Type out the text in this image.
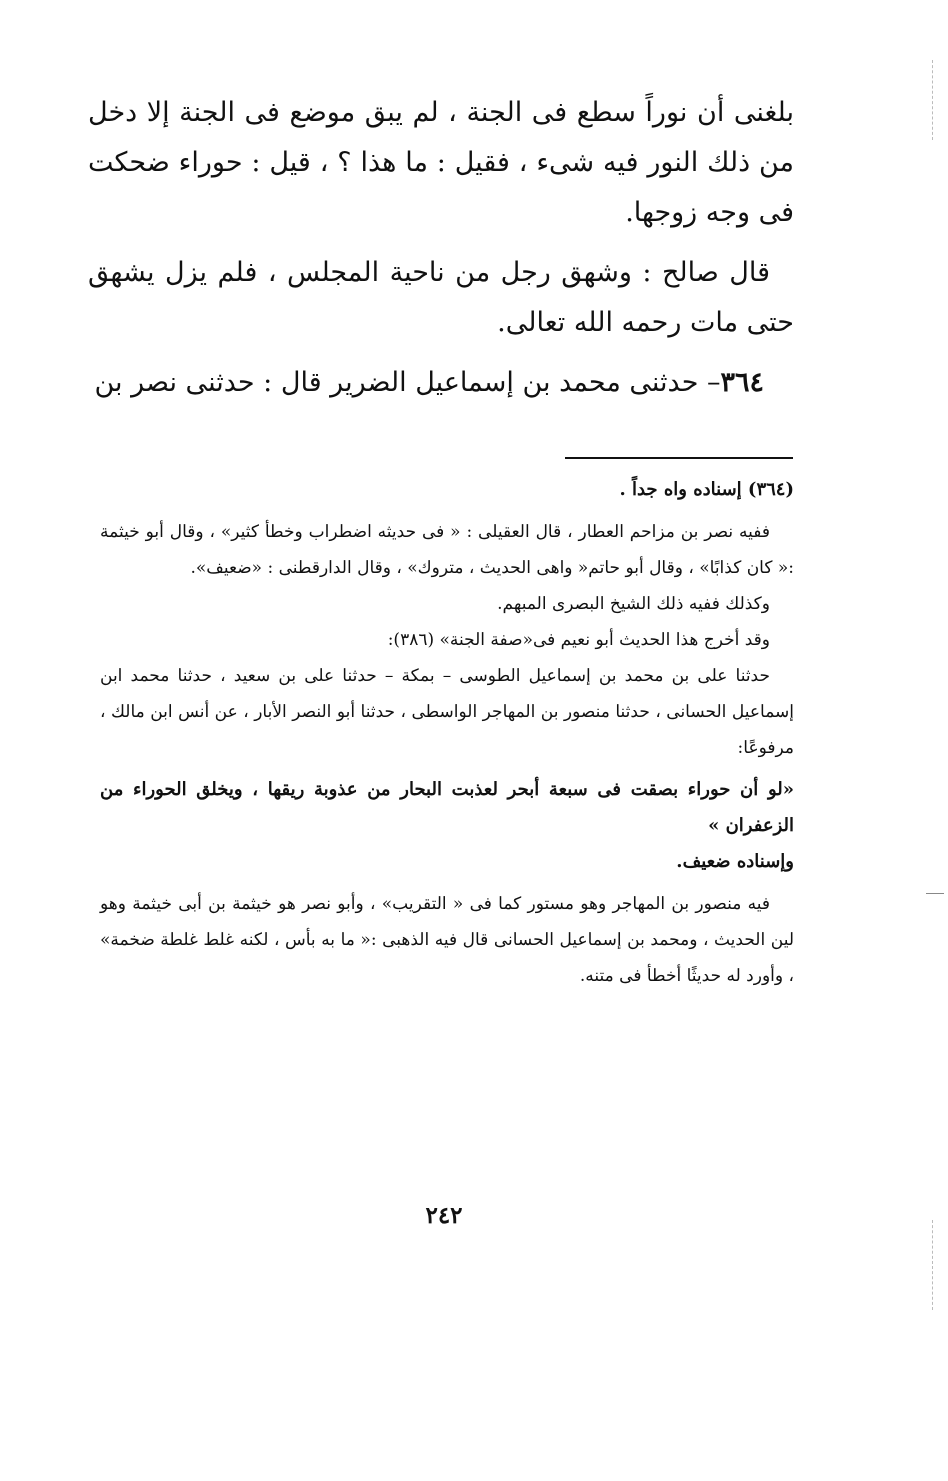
بلغنى أن نوراً سطع فى الجنة ، لم يبق موضع فى الجنة إلا دخل من ذلك النور فيه شىء ، فقيل : ما هذا ؟ ، قيل : حوراء ضحكت فى وجه زوجها.

قال صالح : وشهق رجل من ناحية المجلس ، فلم يزل يشهق حتى مات رحمه الله تعالى.

٣٦٤– حدثنى محمد بن إسماعيل الضرير قال : حدثنى نصر بن

(٣٦٤) إسناده واه جداً .

ففيه نصر بن مزاحم العطار ، قال العقيلى : « فى حديثه اضطراب وخطأ كثير» ، وقال أبو خيثمة :« كان كذابًا» ، وقال أبو حاتم« واهى الحديث ، متروك» ، وقال الدارقطنى : «ضعيف».

وكذلك ففيه ذلك الشيخ البصرى المبهم.

وقد أخرج هذا الحديث أبو نعيم فى«صفة الجنة» (٣٨٦):

حدثنا على بن محمد بن إسماعيل الطوسى – بمكة – حدثنا على بن سعيد ، حدثنا محمد ابن إسماعيل الحسانى ، حدثنا منصور بن المهاجر الواسطى ، حدثنا أبو النصر الأبار ، عن أنس ابن مالك ، مرفوعًا:

«لو أن حوراء بصقت فى سبعة أبحر لعذبت البحار من عذوبة ريقها ، ويخلق الحوراء من الزعفران »

وإسناده ضعيف.

فيه منصور بن المهاجر وهو مستور كما فى « التقريب» ، وأبو نصر هو خيثمة بن أبى خيثمة وهو لين الحديث ، ومحمد بن إسماعيل الحسانى قال فيه الذهبى :« ما به بأس ، لكنه غلط غلطة ضخمة» ، وأورد له حديثًا أخطأ فى متنه.

٢٤٢
